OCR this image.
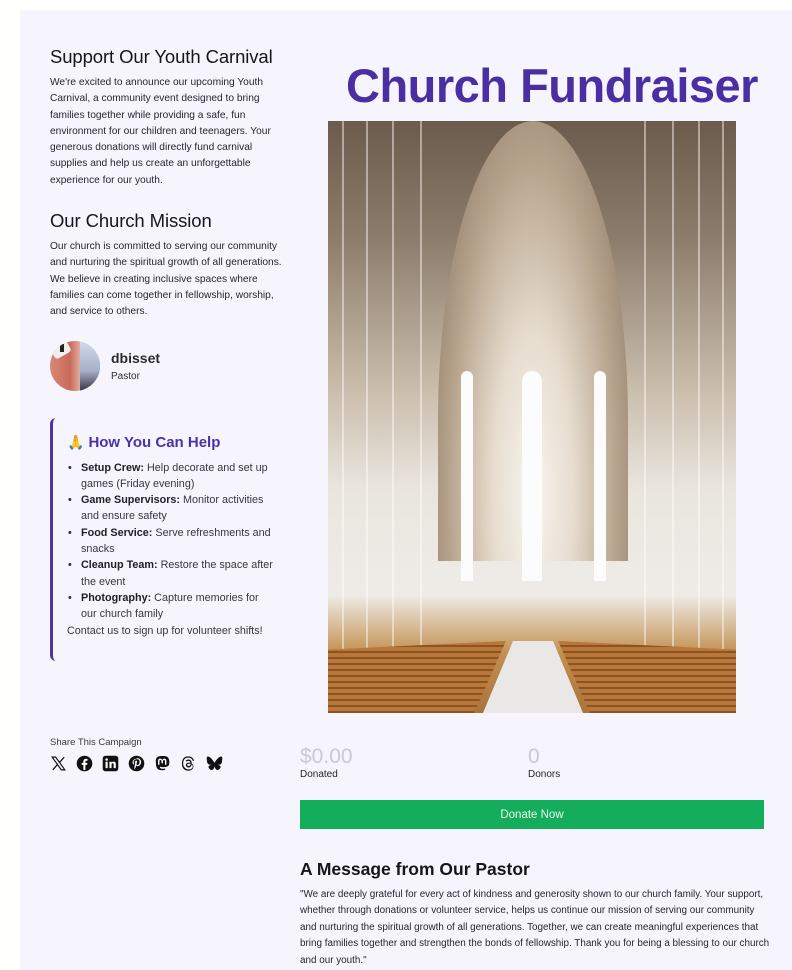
Support Our Youth Carnival

We're excited to announce our upcoming Youth Carnival, a community event designed to bring families together while providing a safe, fun environment for our children and teenagers. Your generous donations will directly fund carnival supplies and help us create an unforgettable experience for our youth.

Our Church Mission

Our church is committed to serving our community and nurturing the spiritual growth of all generations. We believe in creating inclusive spaces where families can come together in fellowship, worship, and service to others.

dbisset
Pastor
🙏 How You Can Help
• Setup Crew: Help decorate and set up games (Friday evening)
• Game Supervisors: Monitor activities and ensure safety
• Food Service: Serve refreshments and snacks
• Cleanup Team: Restore the space after the event
• Photography: Capture memories for our church family

Contact us to sign up for volunteer shifts!

Share This Campaign
Church Fundraiser
$0.00
Donated
0
Donors
Donate Now
A Message from Our Pastor

"We are deeply grateful for every act of kindness and generosity shown to our church family. Your support, whether through donations or volunteer service, helps us continue our mission of serving our community and nurturing the spiritual growth of all generations. Together, we can create meaningful experiences that bring families together and strengthen the bonds of fellowship. Thank you for being a blessing to our church and our youth."
